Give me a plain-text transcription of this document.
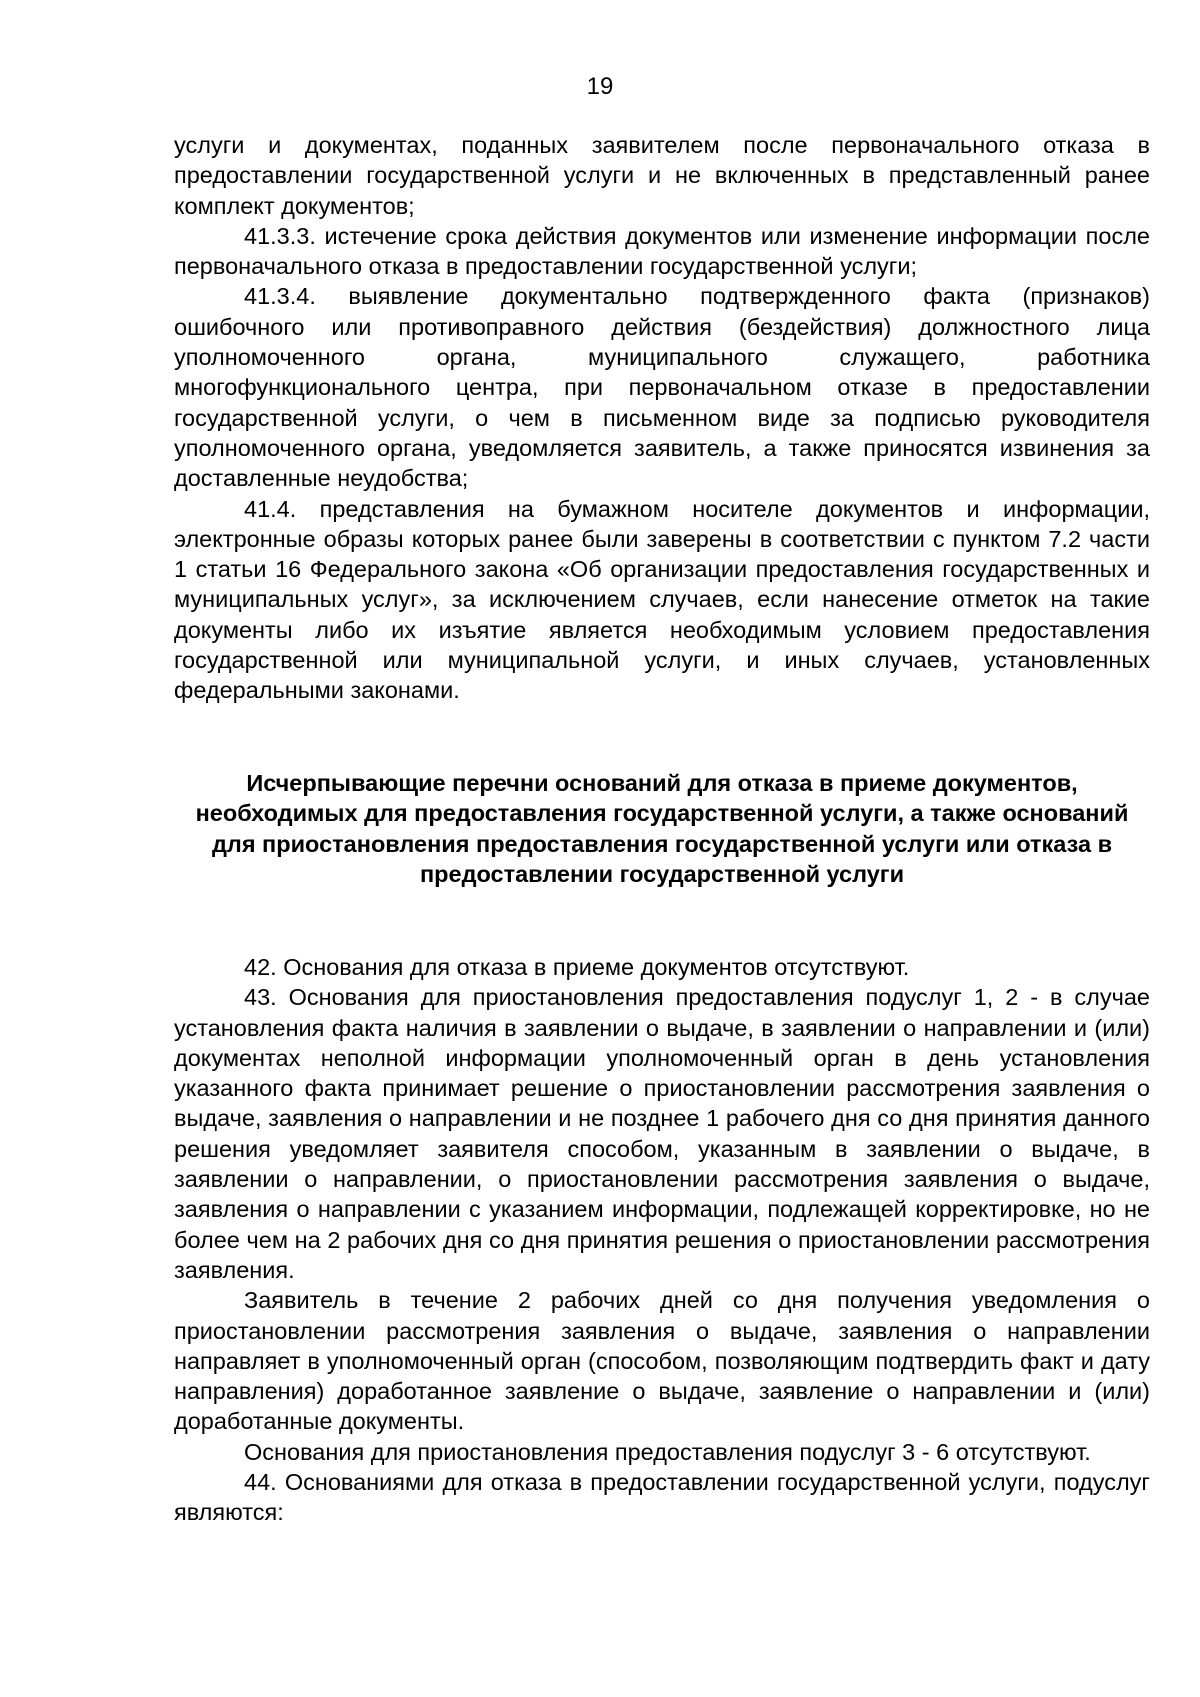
19

услуги и документах, поданных заявителем после первоначального отказа в предоставлении государственной услуги и не включенных в представленный ранее комплект документов;

41.3.3. истечение срока действия документов или изменение информации после первоначального отказа в предоставлении государственной услуги;

41.3.4. выявление документально подтвержденного факта (признаков) ошибочного или противоправного действия (бездействия) должностного лица уполномоченного органа, муниципального служащего, работника многофункционального центра, при первоначальном отказе в предоставлении государственной услуги, о чем в письменном виде за подписью руководителя уполномоченного органа, уведомляется заявитель, а также приносятся извинения за доставленные неудобства;

41.4. представления на бумажном носителе документов и информации, электронные образы которых ранее были заверены в соответствии с пунктом 7.2 части 1 статьи 16 Федерального закона «Об организации предоставления государственных и муниципальных услуг», за исключением случаев, если нанесение отметок на такие документы либо их изъятие является необходимым условием предоставления государственной или муниципальной услуги, и иных случаев, установленных федеральными законами.

Исчерпывающие перечни оснований для отказа в приеме документов, необходимых для предоставления государственной услуги, а также оснований для приостановления предоставления государственной услуги или отказа в предоставлении государственной услуги

42. Основания для отказа в приеме документов отсутствуют.

43. Основания для приостановления предоставления подуслуг 1, 2 - в случае установления факта наличия в заявлении о выдаче, в заявлении о направлении и (или) документах неполной информации уполномоченный орган в день установления указанного факта принимает решение о приостановлении рассмотрения заявления о выдаче, заявления о направлении и не позднее 1 рабочего дня со дня принятия данного решения уведомляет заявителя способом, указанным в заявлении о выдаче, в заявлении о направлении, о приостановлении рассмотрения заявления о выдаче, заявления о направлении с указанием информации, подлежащей корректировке, но не более чем на 2 рабочих дня со дня принятия решения о приостановлении рассмотрения заявления.

Заявитель в течение 2 рабочих дней со дня получения уведомления о приостановлении рассмотрения заявления о выдаче, заявления о направлении направляет в уполномоченный орган (способом, позволяющим подтвердить факт и дату направления) доработанное заявление о выдаче, заявление о направлении и (или) доработанные документы.

Основания для приостановления предоставления подуслуг 3 - 6 отсутствуют.

44. Основаниями для отказа в предоставлении государственной услуги, подуслуг являются:
